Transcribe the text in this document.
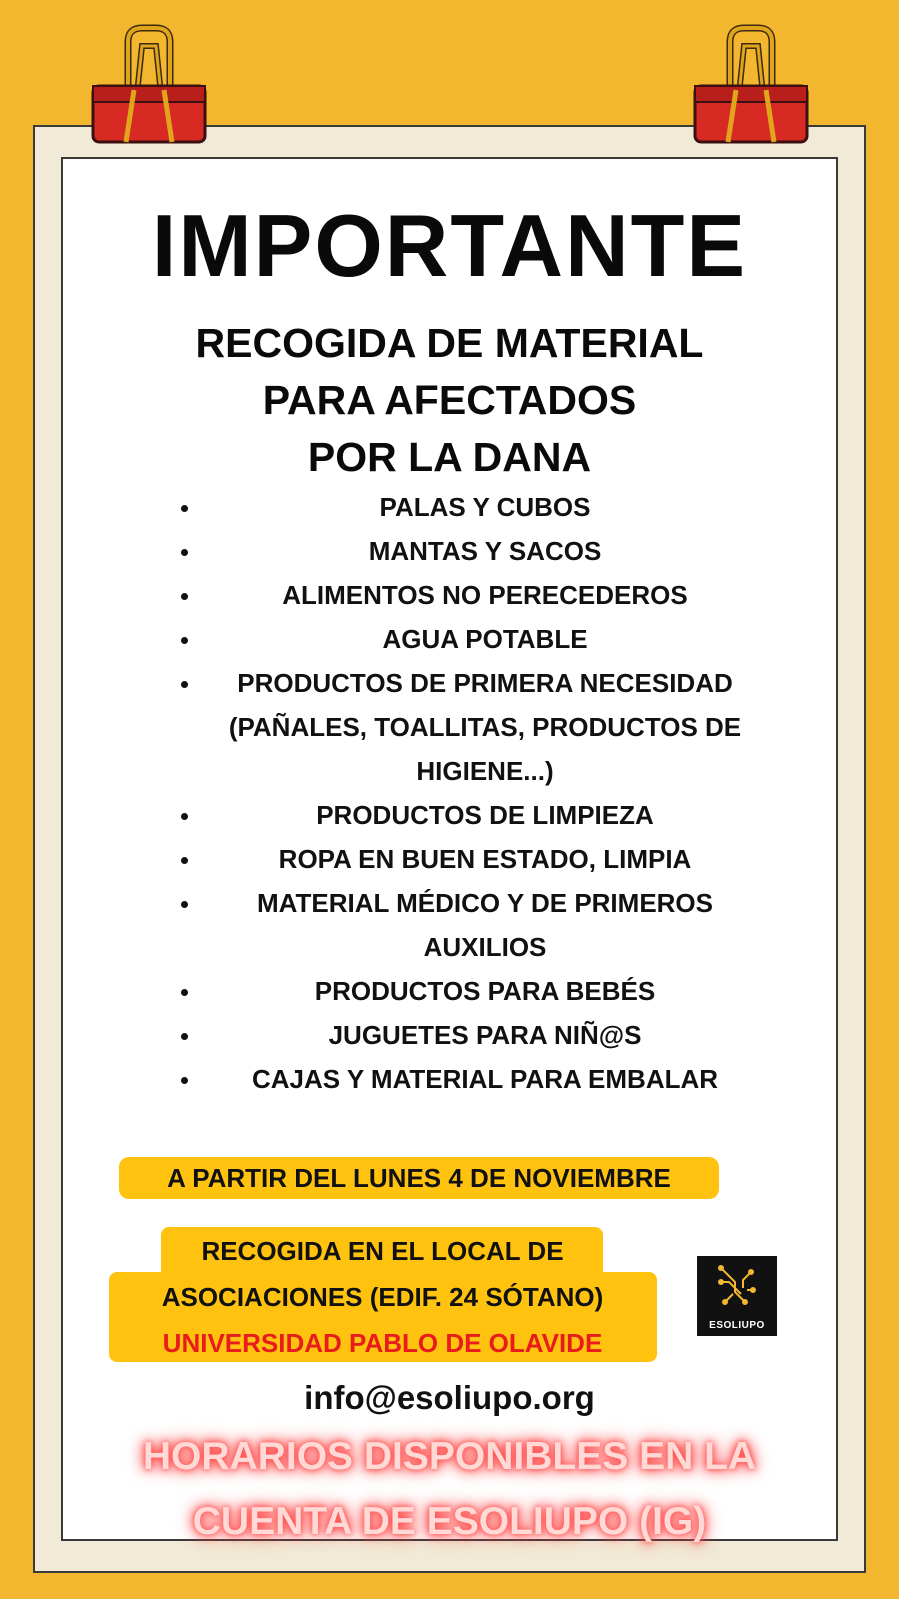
IMPORTANTE
RECOGIDA DE MATERIAL
PARA AFECTADOS
POR LA DANA
PALAS Y CUBOS
MANTAS Y SACOS
ALIMENTOS NO PERECEDEROS
AGUA POTABLE
PRODUCTOS DE PRIMERA NECESIDAD (PAÑALES, TOALLITAS, PRODUCTOS DE HIGIENE...)
PRODUCTOS DE LIMPIEZA
ROPA EN BUEN ESTADO, LIMPIA
MATERIAL MÉDICO Y DE PRIMEROS AUXILIOS
PRODUCTOS PARA BEBÉS
JUGUETES PARA NIÑ@S
CAJAS Y MATERIAL PARA EMBALAR
A PARTIR DEL LUNES 4 DE NOVIEMBRE
RECOGIDA EN EL LOCAL DE
ASOCIACIONES (EDIF. 24 SÓTANO)
UNIVERSIDAD PABLO DE OLAVIDE
ESOLIUPO
info@esoliupo.org
HORARIOS DISPONIBLES EN LA
CUENTA DE ESOLIUPO (IG)
